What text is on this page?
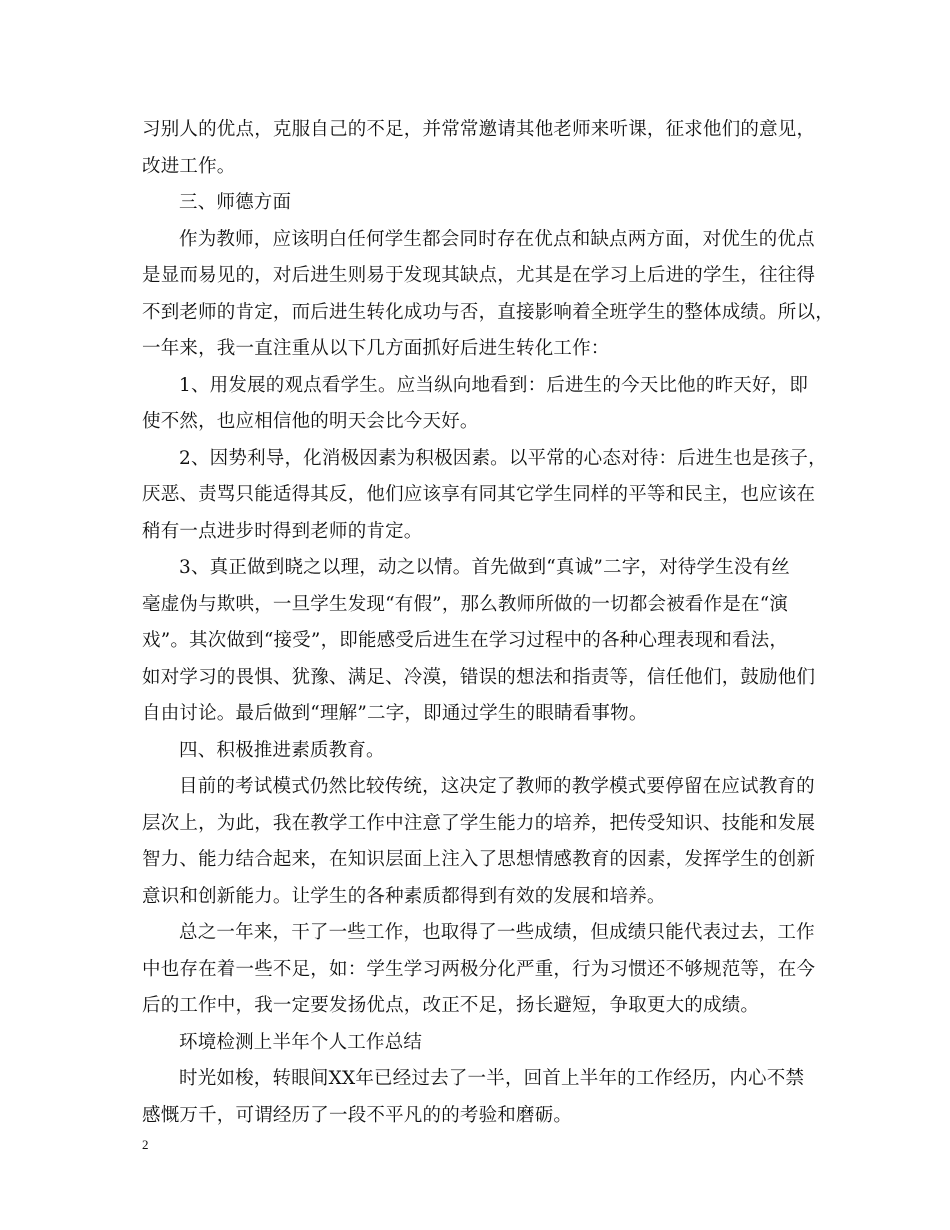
习别人的优点，克服自己的不足，并常常邀请其他老师来听课，征求他们的意见，
改进工作。
三、师德方面
作为教师，应该明白任何学生都会同时存在优点和缺点两方面，对优生的优点
是显而易见的，对后进生则易于发现其缺点，尤其是在学习上后进的学生，往往得
不到老师的肯定，而后进生转化成功与否，直接影响着全班学生的整体成绩。所以，
一年来，我一直注重从以下几方面抓好后进生转化工作：
1、用发展的观点看学生。应当纵向地看到：后进生的今天比他的昨天好，即
使不然，也应相信他的明天会比今天好。
2、因势利导，化消极因素为积极因素。以平常的心态对待：后进生也是孩子，
厌恶、责骂只能适得其反，他们应该享有同其它学生同样的平等和民主，也应该在
稍有一点进步时得到老师的肯定。
3、真正做到晓之以理，动之以情。首先做到“真诚”二字，对待学生没有丝
毫虚伪与欺哄，一旦学生发现“有假”，那么教师所做的一切都会被看作是在“演
戏”。其次做到“接受”，即能感受后进生在学习过程中的各种心理表现和看法，
如对学习的畏惧、犹豫、满足、冷漠，错误的想法和指责等，信任他们，鼓励他们
自由讨论。最后做到“理解”二字，即通过学生的眼睛看事物。
四、积极推进素质教育。
目前的考试模式仍然比较传统，这决定了教师的教学模式要停留在应试教育的
层次上，为此，我在教学工作中注意了学生能力的培养，把传受知识、技能和发展
智力、能力结合起来，在知识层面上注入了思想情感教育的因素，发挥学生的创新
意识和创新能力。让学生的各种素质都得到有效的发展和培养。
总之一年来，干了一些工作，也取得了一些成绩，但成绩只能代表过去，工作
中也存在着一些不足，如：学生学习两极分化严重，行为习惯还不够规范等，在今
后的工作中，我一定要发扬优点，改正不足，扬长避短，争取更大的成绩。
环境检测上半年个人工作总结
时光如梭，转眼间XX年已经过去了一半，回首上半年的工作经历，内心不禁
感慨万千，可谓经历了一段不平凡的的考验和磨砺。
2
